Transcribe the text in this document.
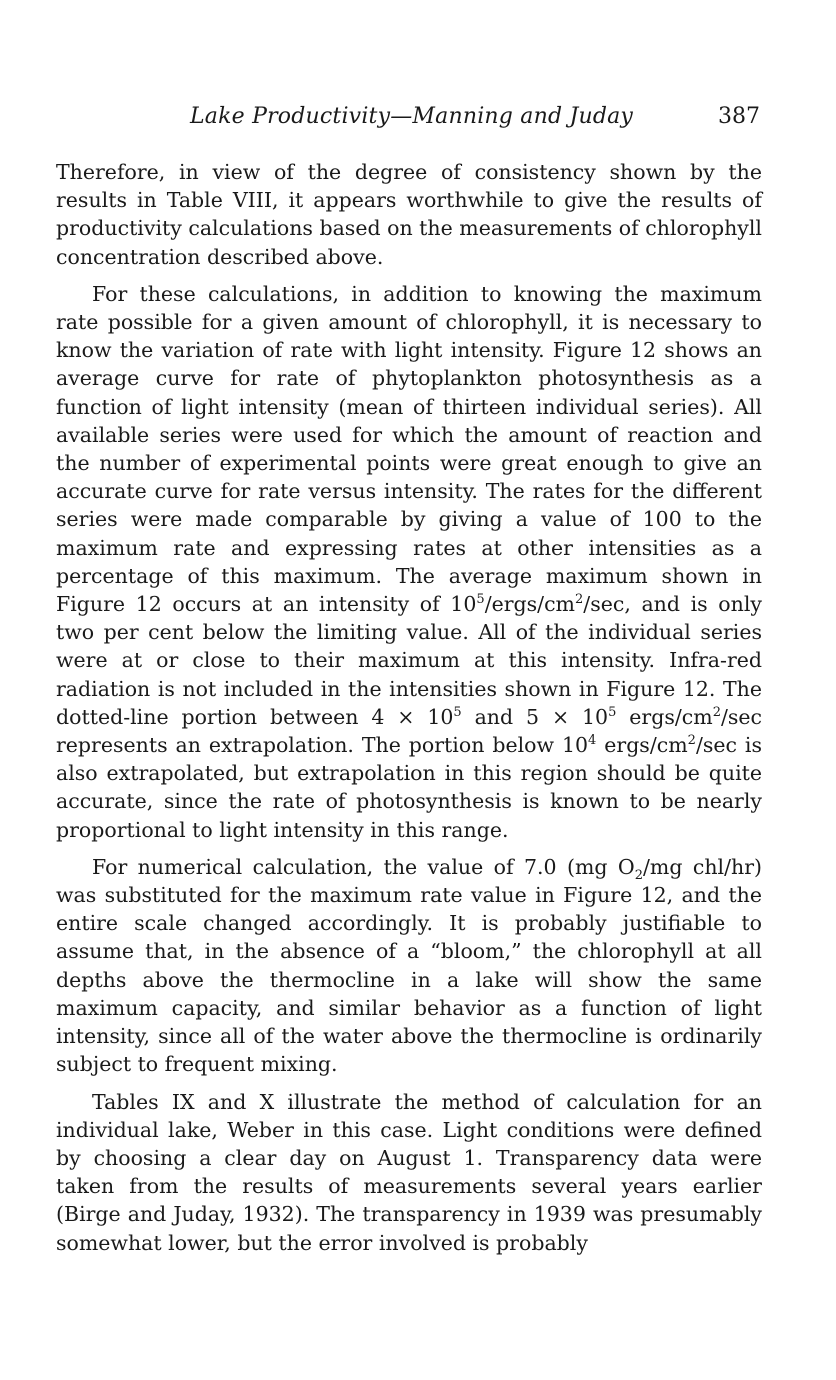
Lake Productivity—Manning and Juday	387

Therefore, in view of the degree of consistency shown by the results in Table VIII, it appears worthwhile to give the results of productivity calculations based on the measurements of chlorophyll concentration described above.

For these calculations, in addition to knowing the maximum rate possible for a given amount of chlorophyll, it is necessary to know the variation of rate with light intensity. Figure 12 shows an average curve for rate of phytoplankton photosynthesis as a function of light intensity (mean of thirteen individual series). All available series were used for which the amount of reaction and the number of experimental points were great enough to give an accurate curve for rate versus intensity. The rates for the different series were made comparable by giving a value of 100 to the maximum rate and expressing rates at other intensities as a percentage of this maximum. The average maximum shown in Figure 12 occurs at an intensity of $10^5/ergs/cm^2/\sec$, and is only two per cent below the limiting value. All of the individual series were at or close to their maximum at this intensity. Infra-red radiation is not included in the intensities shown in Figure 12. The dotted-line portion between $4 \times 10^5$ and $5 \times 10^5$ ergs/$cm^2/\sec$ represents an extrapolation. The portion below $10^4$ ergs/$cm^2/\sec$ is also extrapolated, but extrapolation in this region should be quite accurate, since the rate of photosynthesis is known to be nearly proportional to light intensity in this range.

For numerical calculation, the value of 7.0 (mg $O_2/mg$ chl/hr) was substituted for the maximum rate value in Figure 12, and the entire scale changed accordingly. It is probably justifiable to assume that, in the absence of a “bloom,” the chlorophyll at all depths above the thermocline in a lake will show the same maximum capacity, and similar behavior as a function of light intensity, since all of the water above the thermocline is ordinarily subject to frequent mixing.

Tables IX and X illustrate the method of calculation for an individual lake, Weber in this case. Light conditions were defined by choosing a clear day on August 1. Transparency data were taken from the results of measurements several years earlier (Birge and Juday, 1932). The transparency in 1939 was presumably somewhat lower, but the error involved is probably
